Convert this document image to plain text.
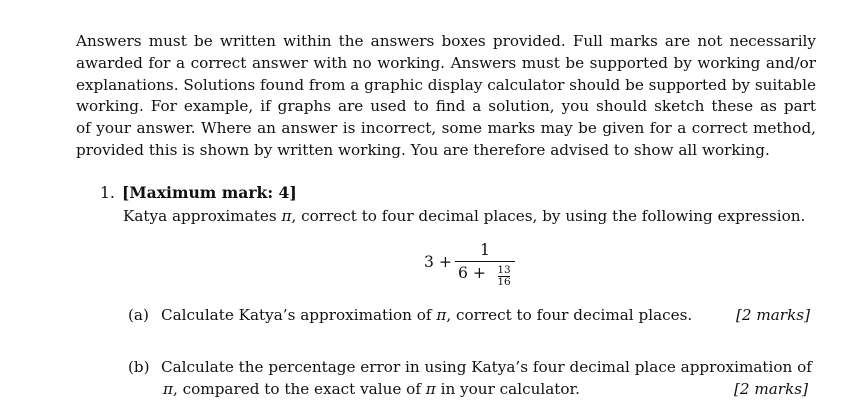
Answers must be written within the answers boxes provided. Full marks are not necessarily
awarded for a correct answer with no working. Answers must be supported by working and/or
explanations. Solutions found from a graphic display calculator should be supported by suitable
working. For example, if graphs are used to find a solution, you should sketch these as part
of your answer. Where an answer is incorrect, some marks may be given for a correct method,
provided this is shown by written working. You are therefore advised to show all working.
1. [Maximum mark: 4]
Katya approximates π, correct to four decimal places, by using the following expression.
3 +
1
6 + 13
16
(a) Calculate Katya’s approximation of π, correct to four decimal places.	[2 marks]
(b) Calculate the percentage error in using Katya’s four decimal place approximation of
π, compared to the exact value of π in your calculator.	[2 marks]
